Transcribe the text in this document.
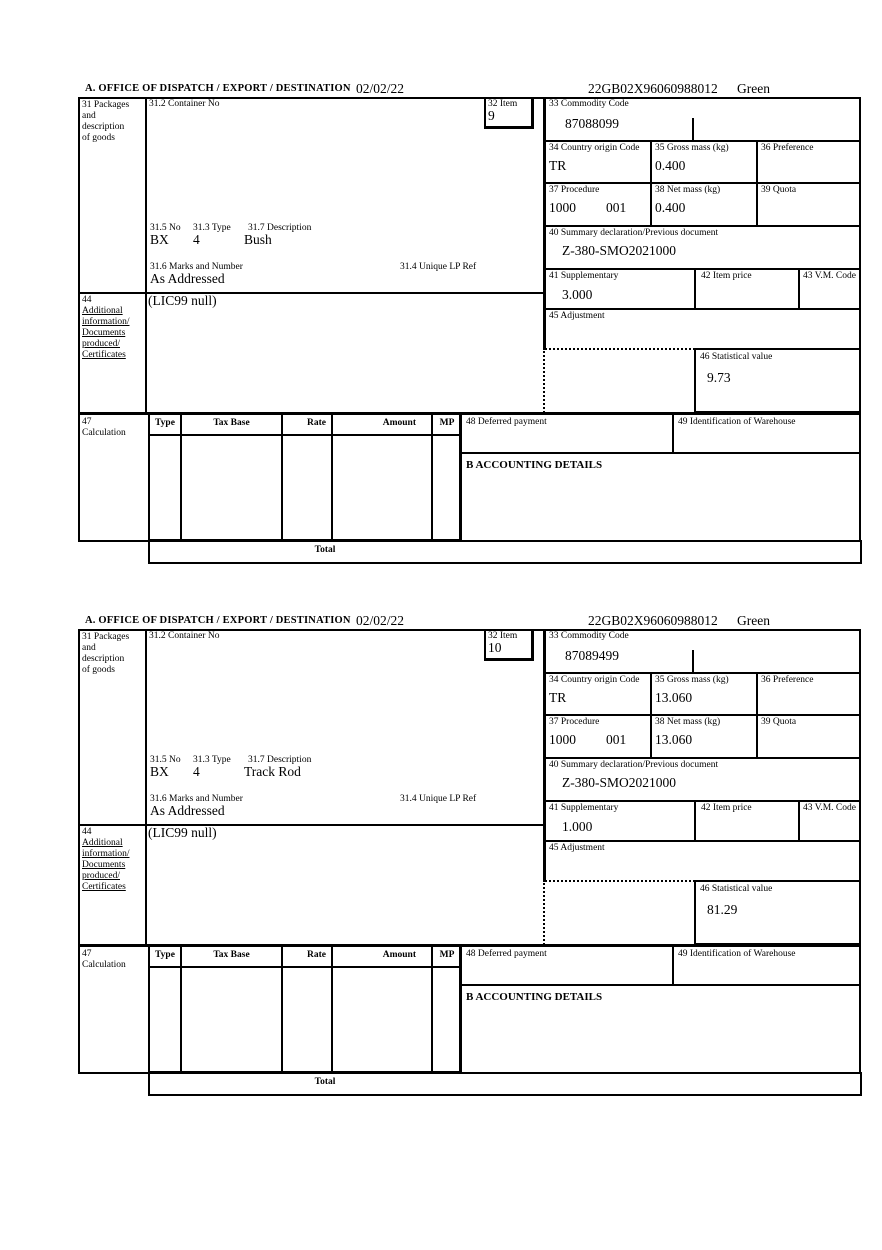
A. OFFICE OF DISPATCH / EXPORT / DESTINATION 02/02/22	22GB02X96060988012 Green
31 Packages
and
description
of goods
31.2 Container No	32 Item
9
33 Commodity Code
87088099
34 Country origin Code
TR
35 Gross mass (kg)
0.400
36 Preference
37 Procedure
1000 001
38 Net mass (kg)
0.400
39 Quota
40 Summary declaration/Previous document
Z-380-SMO2021000
41 Supplementary
3.000
42 Item price	43 V.M. Code
31.5 No 31.3 Type 31.7 Description
BX 4	Bush
31.6 Marks and Number	31.4 Unique LP Ref
As Addressed
44
Additional
information/
Documents
produced/
Certificates
(LIC99 null)
45 Adjustment
46 Statistical value
9.73
47
Calculation
Type	Tax Base	Rate	Amount	MP	48 Deferred payment	49 Identification of Warehouse
B ACCOUNTING DETAILS
Total
A. OFFICE OF DISPATCH / EXPORT / DESTINATION 02/02/22	22GB02X96060988012 Green
31 Packages
and
description
of goods
31.2 Container No	32 Item
10
33 Commodity Code
87089499
34 Country origin Code
TR
35 Gross mass (kg)
13.060
36 Preference
37 Procedure
1000 001
38 Net mass (kg)
13.060
39 Quota
40 Summary declaration/Previous document
Z-380-SMO2021000
41 Supplementary
1.000
42 Item price	43 V.M. Code
31.5 No 31.3 Type 31.7 Description
BX 4	Track Rod
31.6 Marks and Number	31.4 Unique LP Ref
As Addressed
44
Additional
information/
Documents
produced/
Certificates
(LIC99 null)
45 Adjustment
46 Statistical value
81.29
47
Calculation
Type	Tax Base	Rate	Amount	MP	48 Deferred payment	49 Identification of Warehouse
B ACCOUNTING DETAILS
Total
